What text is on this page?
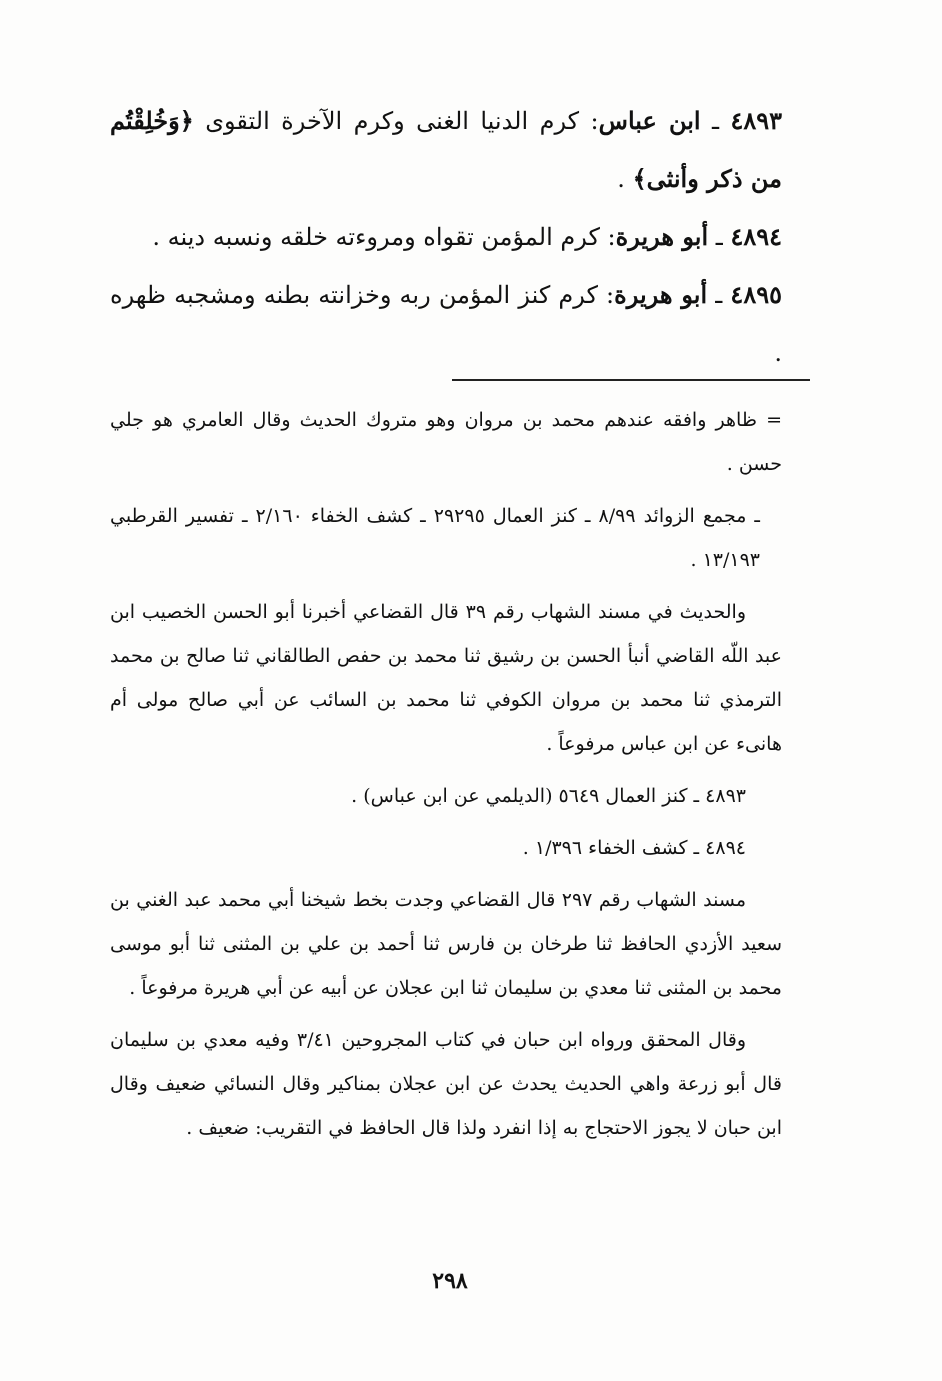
٤٨٩٣ ـ ابن عباس: كرم الدنيا الغنى وكرم الآخرة التقوى ﴿وَخُلِقْتُم من ذكر وأنثى﴾ .

٤٨٩٤ ـ أبو هريرة: كرم المؤمن تقواه ومروءته خلقه ونسبه دينه .

٤٨٩٥ ـ أبو هريرة: كرم كنز المؤمن ربه وخزانته بطنه ومشجبه ظهره .

= ظاهر وافقه عندهم محمد بن مروان وهو متروك الحديث وقال العامري هو جلي حسن .

ـ مجمع الزوائد ٨/٩٩ ـ كنز العمال ٢٩٢٩٥ ـ كشف الخفاء ٢/١٦٠ ـ تفسير القرطبي ١٣/١٩٣ .

والحديث في مسند الشهاب رقم ٣٩ قال القضاعي أخبرنا أبو الحسن الخصيب ابن عبد اللّه القاضي أنبأ الحسن بن رشيق ثنا محمد بن حفص الطالقاني ثنا صالح بن محمد الترمذي ثنا محمد بن مروان الكوفي ثنا محمد بن السائب عن أبي صالح مولى أم هانىء عن ابن عباس مرفوعاً .

٤٨٩٣ ـ كنز العمال ٥٦٤٩ (الديلمي عن ابن عباس) .

٤٨٩٤ ـ كشف الخفاء ١/٣٩٦ .

مسند الشهاب رقم ٢٩٧ قال القضاعي وجدت بخط شيخنا أبي محمد عبد الغني بن سعيد الأزدي الحافظ ثنا طرخان بن فارس ثنا أحمد بن علي بن المثنى ثنا أبو موسى محمد بن المثنى ثنا معدي بن سليمان ثنا ابن عجلان عن أبيه عن أبي هريرة مرفوعاً .

وقال المحقق ورواه ابن حبان في كتاب المجروحين ٣/٤١ وفيه معدي بن سليمان قال أبو زرعة واهي الحديث يحدث عن ابن عجلان بمناكير وقال النسائي ضعيف وقال ابن حبان لا يجوز الاحتجاج به إذا انفرد ولذا قال الحافظ في التقريب: ضعيف .

٢٩٨
